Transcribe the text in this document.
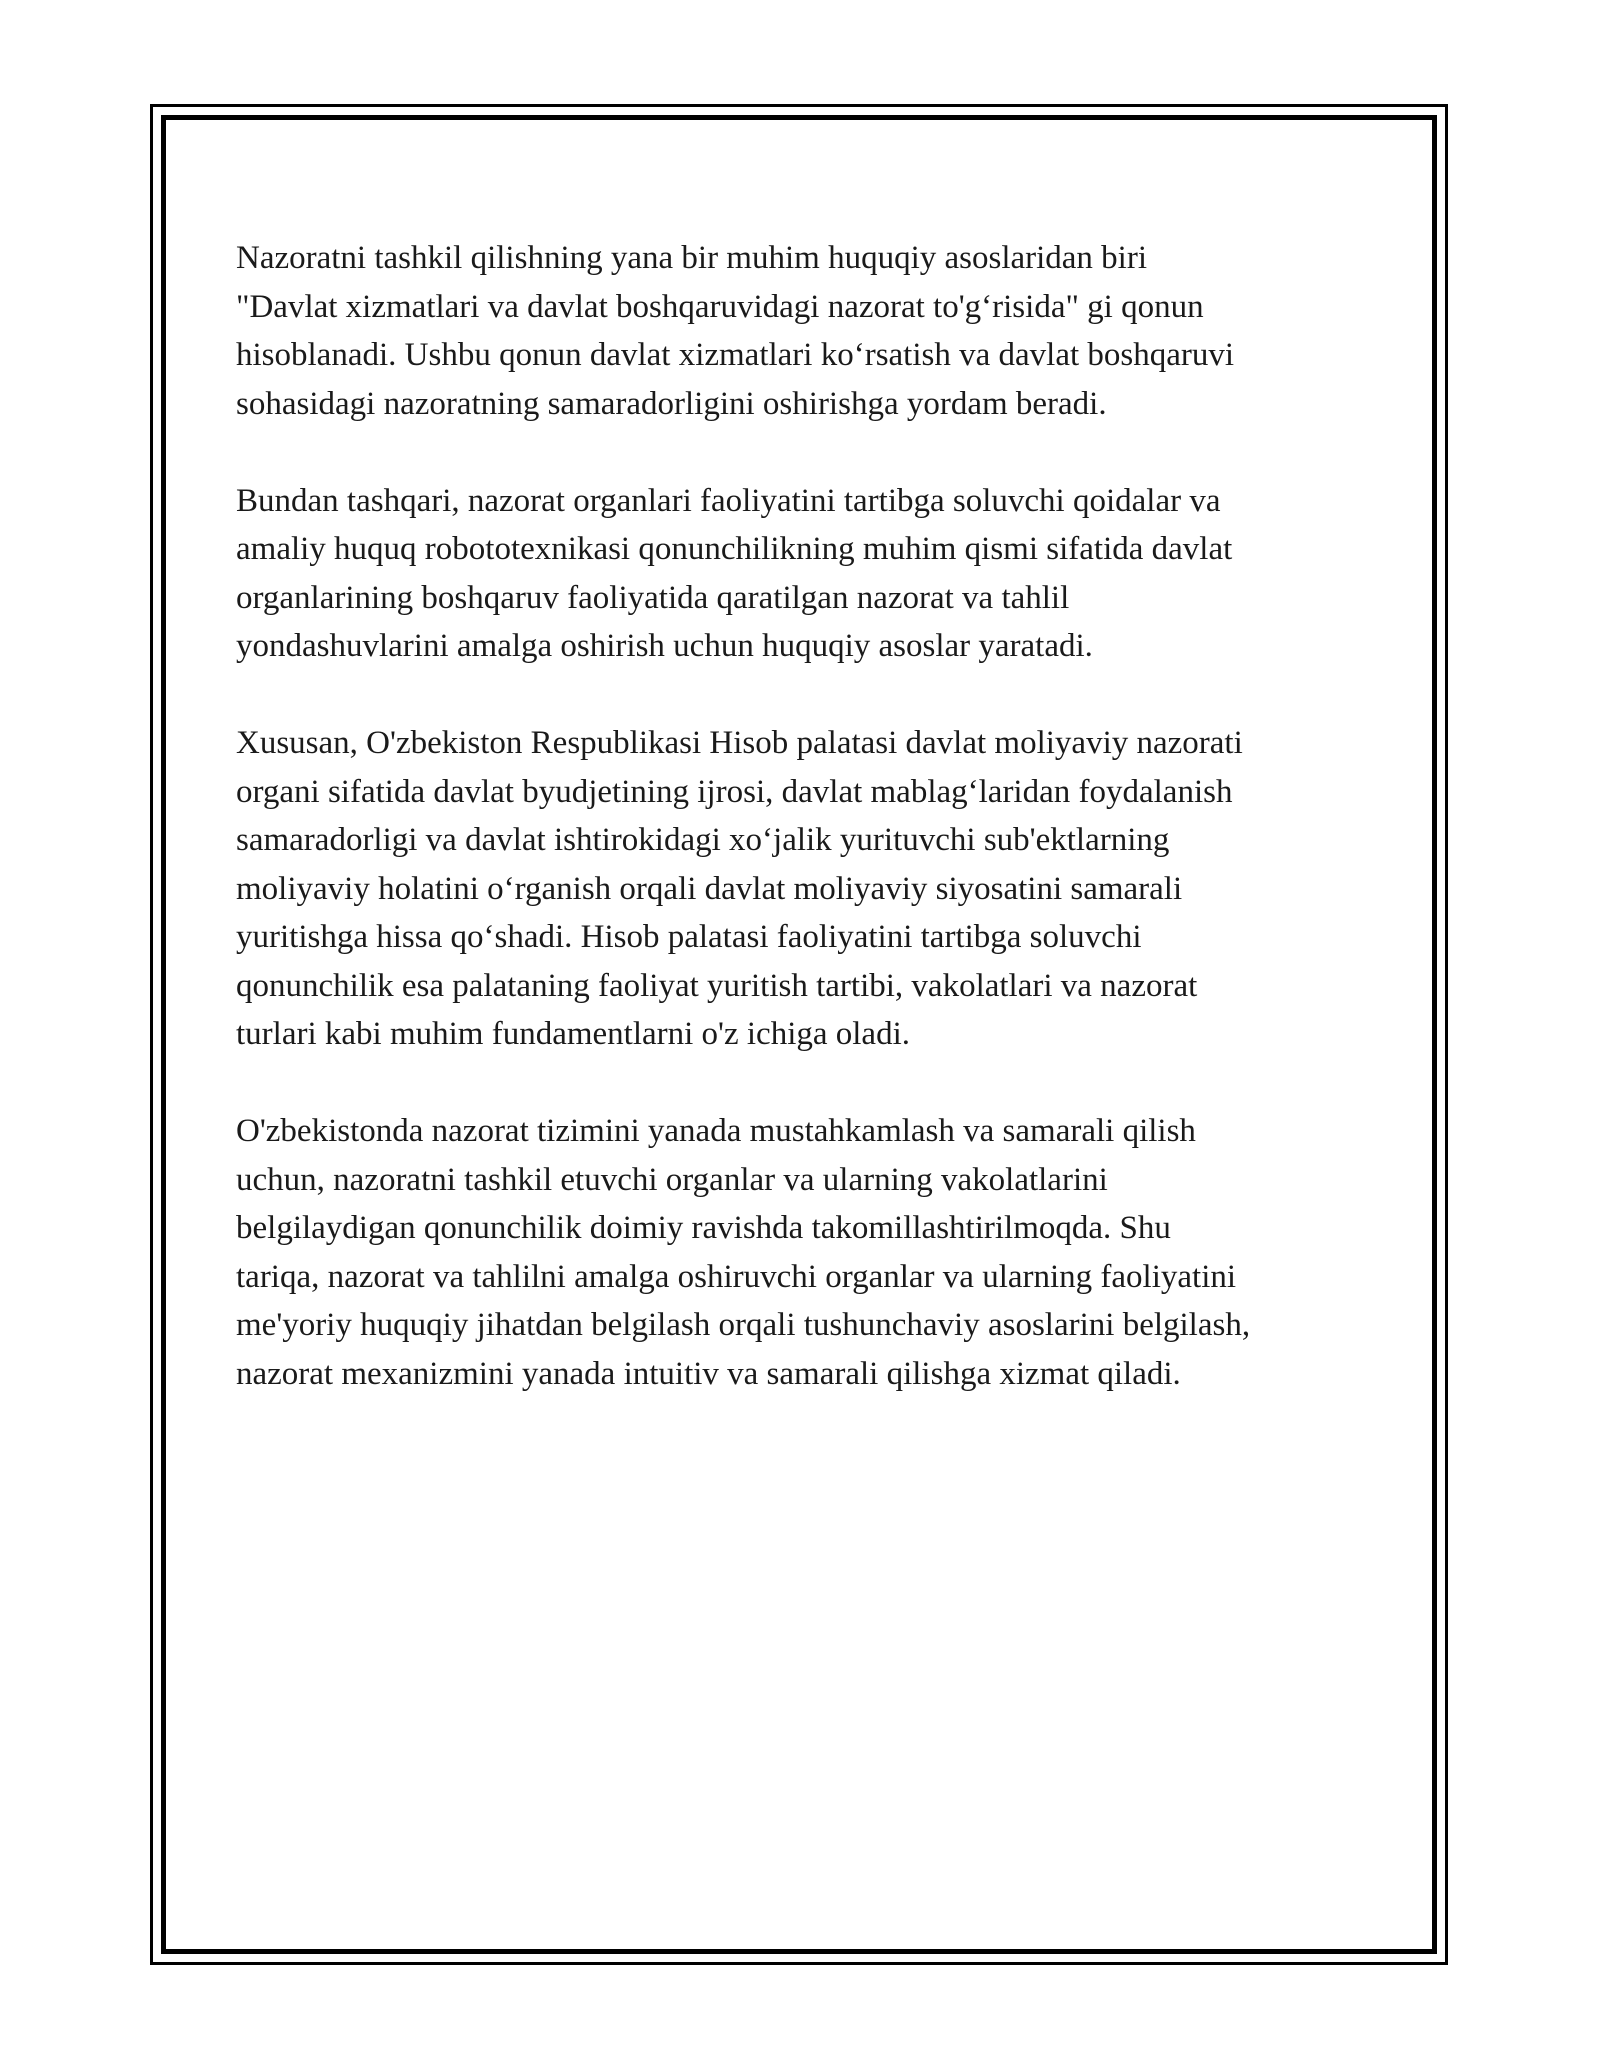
Nazoratni tashkil qilishning yana bir muhim huquqiy asoslaridan biri
"Davlat xizmatlari va davlat boshqaruvidagi nazorat to'g‘risida" gi qonun
hisoblanadi. Ushbu qonun davlat xizmatlari ko‘rsatish va davlat boshqaruvi
sohasidagi nazoratning samaradorligini oshirishga yordam beradi.

Bundan tashqari, nazorat organlari faoliyatini tartibga soluvchi qoidalar va
amaliy huquq robototexnikasi qonunchilikning muhim qismi sifatida davlat
organlarining boshqaruv faoliyatida qaratilgan nazorat va tahlil
yondashuvlarini amalga oshirish uchun huquqiy asoslar yaratadi.

Xususan, O'zbekiston Respublikasi Hisob palatasi davlat moliyaviy nazorati
organi sifatida davlat byudjetining ijrosi, davlat mablag‘laridan foydalanish
samaradorligi va davlat ishtirokidagi xo‘jalik yurituvchi sub'ektlarning
moliyaviy holatini o‘rganish orqali davlat moliyaviy siyosatini samarali
yuritishga hissa qo‘shadi. Hisob palatasi faoliyatini tartibga soluvchi
qonunchilik esa palataning faoliyat yuritish tartibi, vakolatlari va nazorat
turlari kabi muhim fundamentlarni o'z ichiga oladi.

O'zbekistonda nazorat tizimini yanada mustahkamlash va samarali qilish
uchun, nazoratni tashkil etuvchi organlar va ularning vakolatlarini
belgilaydigan qonunchilik doimiy ravishda takomillashtirilmoqda. Shu
tariqa, nazorat va tahlilni amalga oshiruvchi organlar va ularning faoliyatini
me'yoriy huquqiy jihatdan belgilash orqali tushunchaviy asoslarini belgilash,
nazorat mexanizmini yanada intuitiv va samarali qilishga xizmat qiladi.
